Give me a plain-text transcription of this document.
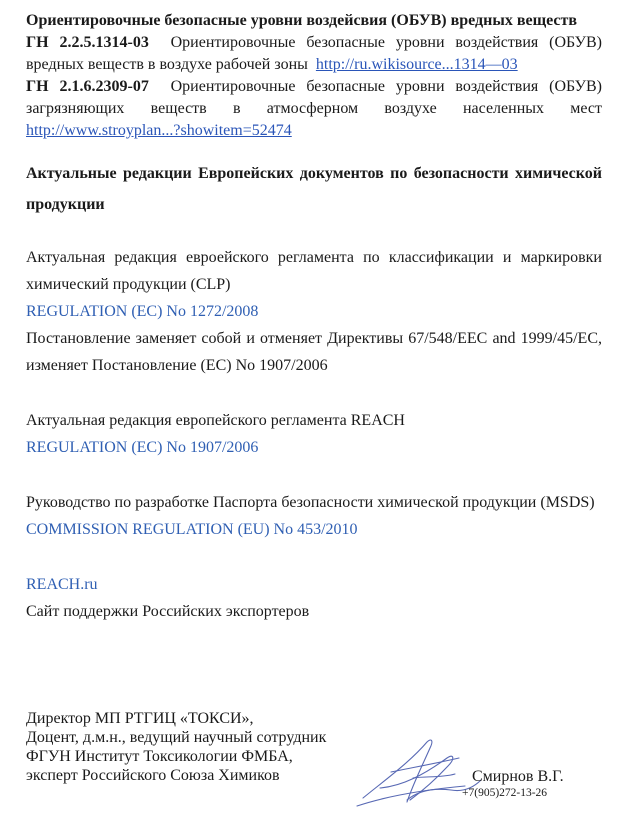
Ориентировочные безопасные уровни воздейсвия (ОБУВ) вредных веществ
ГН 2.2.5.1314-03 Ориентировочные безопасные уровни воздействия (ОБУВ) вредных веществ в воздухе рабочей зоны http://ru.wikisource...1314—03
ГН 2.1.6.2309-07 Ориентировочные безопасные уровни воздействия (ОБУВ) загрязняющих веществ в атмосферном воздухе населенных мест http://www.stroyplan...?showitem=52474
Актуальные редакции Европейских документов по безопасности химической продукции
Актуальная редакция евроейского регламента по классификации и маркировки химический продукции (CLP)
REGULATION (EC) No 1272/2008
Постановление заменяет собой и отменяет Директивы 67/548/EEC and 1999/45/EC, изменяет Постановление (EC) No 1907/2006
Актуальная редакция европейского регламента REACH
REGULATION (EC) No 1907/2006
Руководство по разработке Паспорта безопасности химической продукции (MSDS)
COMMISSION REGULATION (EU) No 453/2010
REACH.ru
Сайт поддержки Российских экспортеров
Директор МП РТГИЦ «ТОКСИ»,
Доцент, д.м.н., ведущий научный сотрудник
ФГУН Институт Токсикологии ФМБА,
эксперт Российского Союза Химиков	Смирнов В.Г.
+7(905)272-13-26
